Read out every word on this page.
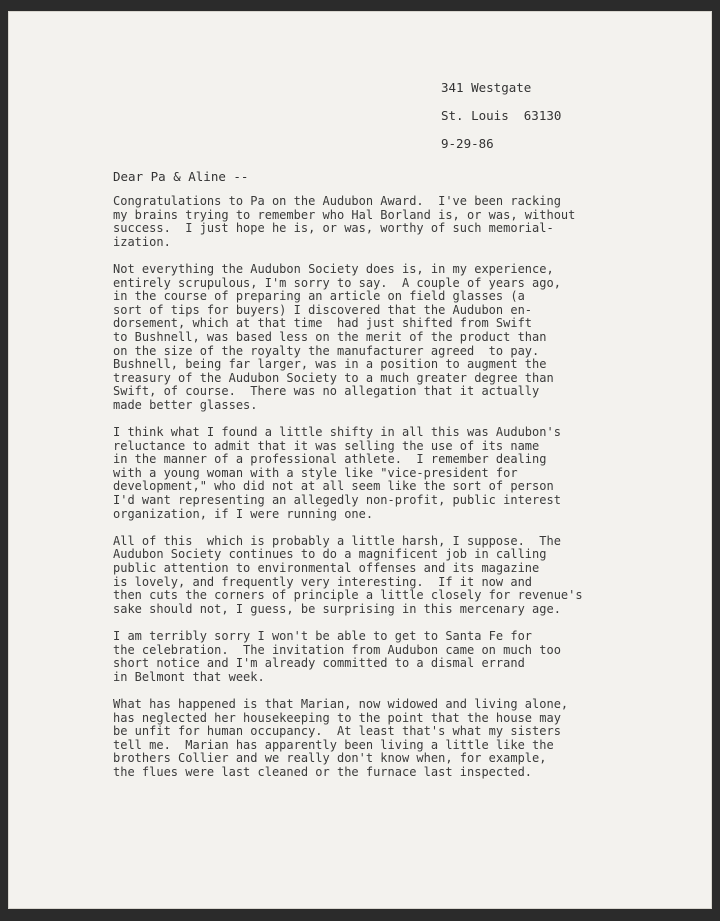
341 Westgate
St. Louis  63130
9-29-86
Dear Pa & Aline --
Congratulations to Pa on the Audubon Award.  I've been racking
my brains trying to remember who Hal Borland is, or was, without
success.  I just hope he is, or was, worthy of such memorial-
ization.
Not everything the Audubon Society does is, in my experience,
entirely scrupulous, I'm sorry to say.  A couple of years ago,
in the course of preparing an article on field glasses (a
sort of tips for buyers) I discovered that the Audubon en-
dorsement, which at that time  had just shifted from Swift
to Bushnell, was based less on the merit of the product than
on the size of the royalty the manufacturer agreed  to pay.
Bushnell, being far larger, was in a position to augment the
treasury of the Audubon Society to a much greater degree than
Swift, of course.  There was no allegation that it actually
made better glasses.
I think what I found a little shifty in all this was Audubon's
reluctance to admit that it was selling the use of its name
in the manner of a professional athlete.  I remember dealing
with a young woman with a style like "vice-president for
development," who did not at all seem like the sort of person
I'd want representing an allegedly non-profit, public interest
organization, if I were running one.
All of this  which is probably a little harsh, I suppose.  The
Audubon Society continues to do a magnificent job in calling
public attention to environmental offenses and its magazine
is lovely, and frequently very interesting.  If it now and
then cuts the corners of principle a little closely for revenue's
sake should not, I guess, be surprising in this mercenary age.
I am terribly sorry I won't be able to get to Santa Fe for
the celebration.  The invitation from Audubon came on much too
short notice and I'm already committed to a dismal errand
in Belmont that week.
What has happened is that Marian, now widowed and living alone,
has neglected her housekeeping to the point that the house may
be unfit for human occupancy.  At least that's what my sisters
tell me.  Marian has apparently been living a little like the
brothers Collier and we really don't know when, for example,
the flues were last cleaned or the furnace last inspected.
